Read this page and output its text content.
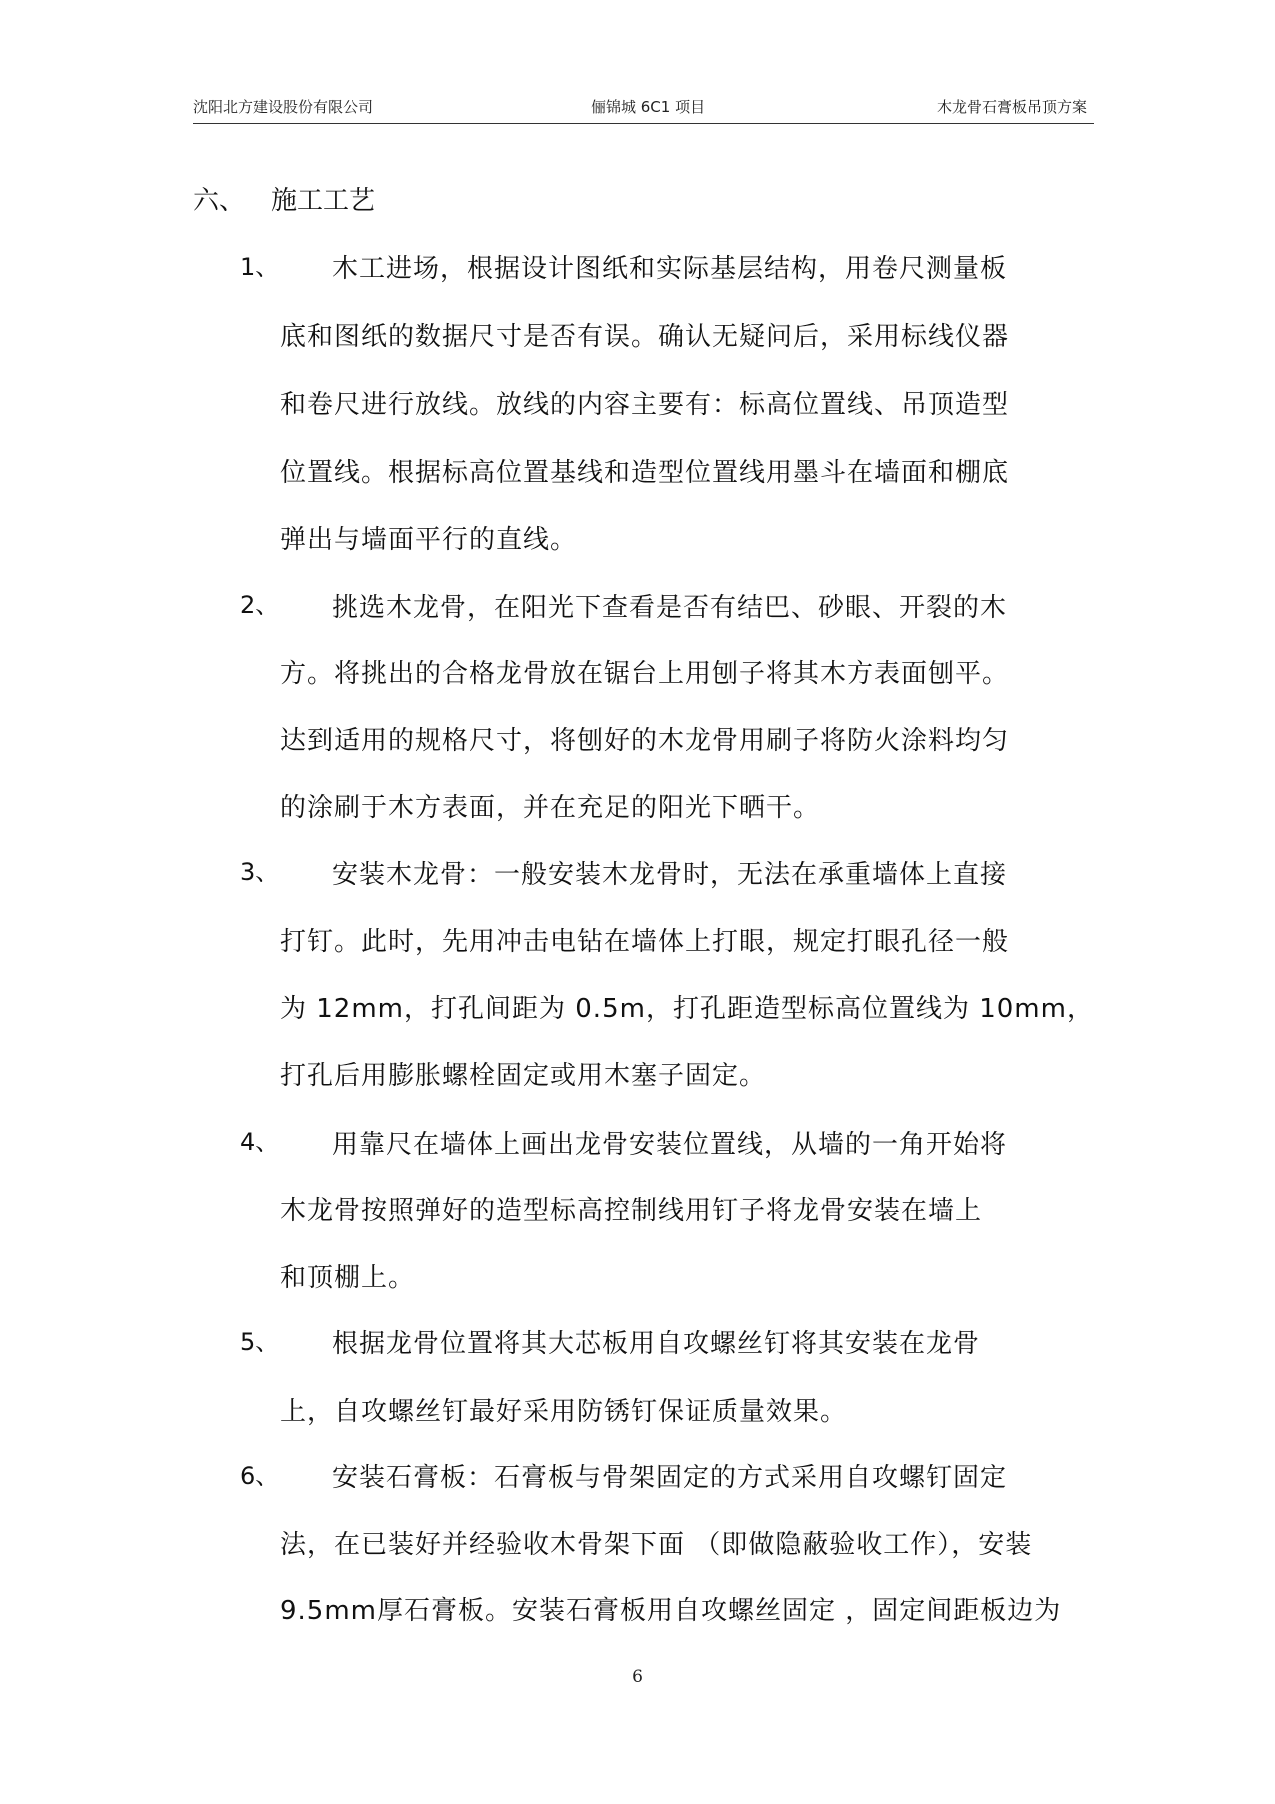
沈阳北方建设股份有限公司	俪锦城 6C1 项目	木龙骨石膏板吊顶方案
六、 施工工艺
1、 木工进场，根据设计图纸和实际基层结构，用卷尺测量板
底和图纸的数据尺寸是否有误。确认无疑问后，采用标线仪器
和卷尺进行放线。放线的内容主要有：标高位置线、吊顶造型
位置线。根据标高位置基线和造型位置线用墨斗在墙面和棚底
弹出与墙面平行的直线。
2、 挑选木龙骨，在阳光下查看是否有结巴、砂眼、开裂的木
方。将挑出的合格龙骨放在锯台上用刨子将其木方表面刨平。
达到适用的规格尺寸，将刨好的木龙骨用刷子将防火涂料均匀
的涂刷于木方表面，并在充足的阳光下晒干。
3、 安装木龙骨：一般安装木龙骨时，无法在承重墙体上直接
打钉。此时，先用冲击电钻在墙体上打眼，规定打眼孔径一般
为 12mm，打孔间距为 0.5m，打孔距造型标高位置线为 10mm，
打孔后用膨胀螺栓固定或用木塞子固定。
4、 用靠尺在墙体上画出龙骨安装位置线，从墙的一角开始将
木龙骨按照弹好的造型标高控制线用钉子将龙骨安装在墙上
和顶棚上。
5、 根据龙骨位置将其大芯板用自攻螺丝钉将其安装在龙骨
上，自攻螺丝钉最好采用防锈钉保证质量效果。
6、 安装石膏板：石膏板与骨架固定的方式采用自攻螺钉固定
法，在已装好并经验收木骨架下面 （即做隐蔽验收工作），安装
9.5mm厚石膏板。安装石膏板用自攻螺丝固定 ，固定间距板边为
6
